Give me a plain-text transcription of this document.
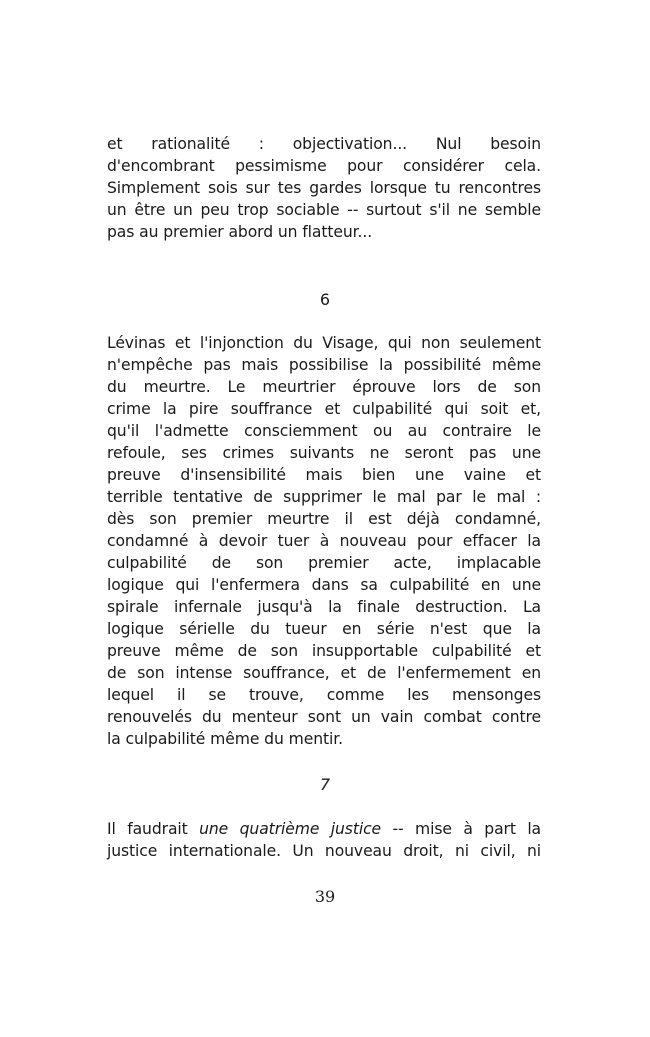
et rationalité : objectivation... Nul besoin
d'encombrant pessimisme pour considérer cela.
Simplement sois sur tes gardes lorsque tu rencontres
un être un peu trop sociable -- surtout s'il ne semble
pas au premier abord un flatteur...
6
Lévinas et l'injonction du Visage, qui non seulement
n'empêche pas mais possibilise la possibilité même
du meurtre. Le meurtrier éprouve lors de son
crime la pire souffrance et culpabilité qui soit et,
qu'il l'admette consciemment ou au contraire le
refoule, ses crimes suivants ne seront pas une
preuve d'insensibilité mais bien une vaine et
terrible tentative de supprimer le mal par le mal :
dès son premier meurtre il est déjà condamné,
condamné à devoir tuer à nouveau pour effacer la
culpabilité de son premier acte, implacable
logique qui l'enfermera dans sa culpabilité en une
spirale infernale jusqu'à la finale destruction. La
logique sérielle du tueur en série n'est que la
preuve même de son insupportable culpabilité et
de son intense souffrance, et de l'enfermement en
lequel il se trouve, comme les mensonges
renouvelés du menteur sont un vain combat contre
la culpabilité même du mentir.
7
Il faudrait une quatrième justice -- mise à part la
justice internationale. Un nouveau droit, ni civil, ni
39
